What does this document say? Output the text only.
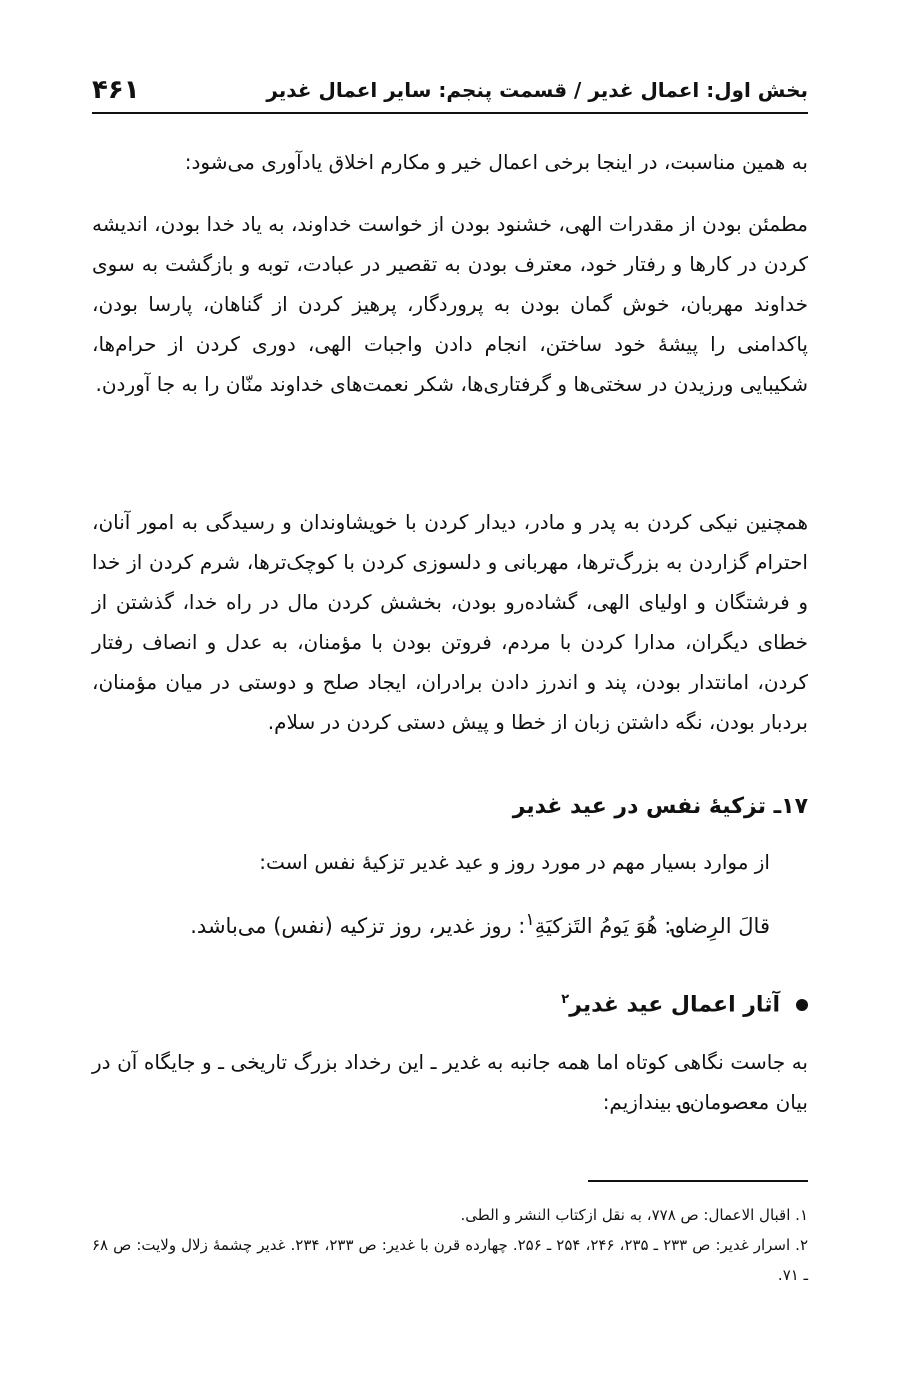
۴۶۱	بخش اول: اعمال غدیر / قسمت پنجم: سایر اعمال غدیر

به همین مناسبت، در اینجا برخی اعمال خیر و مکارم اخلاق یادآوری می‌شود:

مطمئن بودن از مقدرات الهی، خشنود بودن از خواست خداوند، به یاد خدا بودن، اندیشه کردن در کارها و رفتار خود، معترف بودن به تقصیر در عبادت، توبه و بازگشت به سوی خداوند مهربان، خوش گمان بودن به پروردگار، پرهیز کردن از گناهان، پارسا بودن، پاکدامنی را پیشهٔ خود ساختن، انجام دادن واجبات الهی، دوری کردن از حرام‌ها، شکیبایی ورزیدن در سختی‌ها و گرفتاری‌ها، شکر نعمت‌های خداوند منّان را به جا آوردن.

همچنین نیکی کردن به پدر و مادر، دیدار کردن با خویشاوندان و رسیدگی به امور آنان، احترام گزاردن به بزرگ‌ترها، مهربانی و دلسوزی کردن با کوچک‌ترها، شرم کردن از خدا و فرشتگان و اولیای الهی، گشاده‌رو بودن، بخشش کردن مال در راه خدا، گذشتن از خطای دیگران، مدارا کردن با مردم، فروتن بودن با مؤمنان، به عدل و انصاف رفتار کردن، امانتدار بودن، پند و اندرز دادن برادران، ایجاد صلح و دوستی در میان مؤمنان، بردبار بودن، نگه داشتن زبان از خطا و پیش دستی کردن در سلام.

۱۷ـ تزکیهٔ نفس در عید غدیر

از موارد بسیار مهم در مورد روز و عید غدیر تزکیهٔ نفس است:

قالَ الرِضا؈: هُوَ یَومُ التَزکیَةِ$^۱$: روز غدیر، روز تزکیه (نفس) می‌باشد.

آثار اعمال عید غدیر$^۲$

به جاست نگاهی کوتاه اما همه جانبه به غدیر ـ این رخداد بزرگ تاریخی ـ و جایگاه آن در بیان معصومان؈ بیندازیم:

۱. اقبال الاعمال: ص ۷۷۸، به نقل ازکتاب النشر و الطی.

۲. اسرار غدیر: ص ۲۳۳ ـ ۲۳۵، ۲۴۶، ۲۵۴ ـ ۲۵۶. چهارده قرن با غدیر: ص ۲۳۳، ۲۳۴. غدیر چشمهٔ زلال ولایت: ص ۶۸ ـ ۷۱.
